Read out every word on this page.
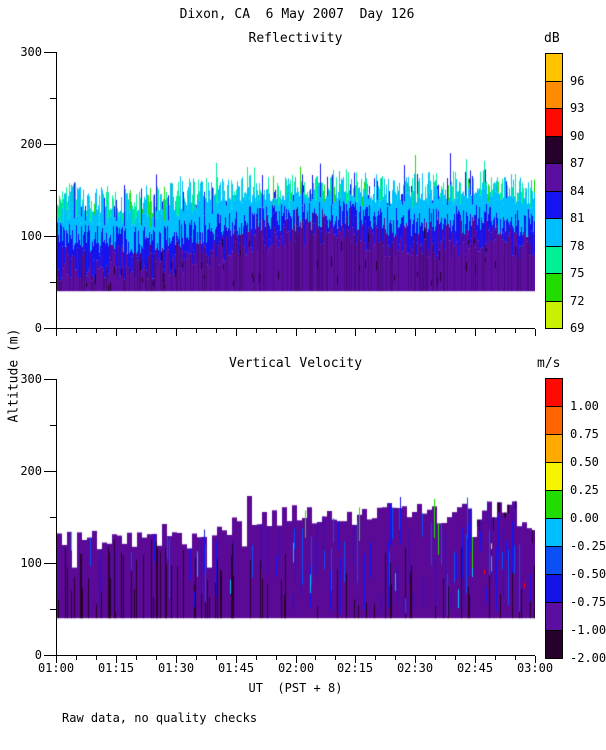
Dixon, CA  6 May 2007  Day 126
Altitude (m)
Reflectivity	dB
Vertical Velocity	m/s
UT  (PST + 8)
Raw data, no quality checks
0
100
200
300
0
100
200
300
01:00	01:15	01:30	01:45	02:00	02:15	02:30	02:45	03:00
96
93
90
87
84
81
78
75
72
69
1.00
0.75
0.50
0.25
0.00
-0.25
-0.50
-0.75
-1.00
-2.00
